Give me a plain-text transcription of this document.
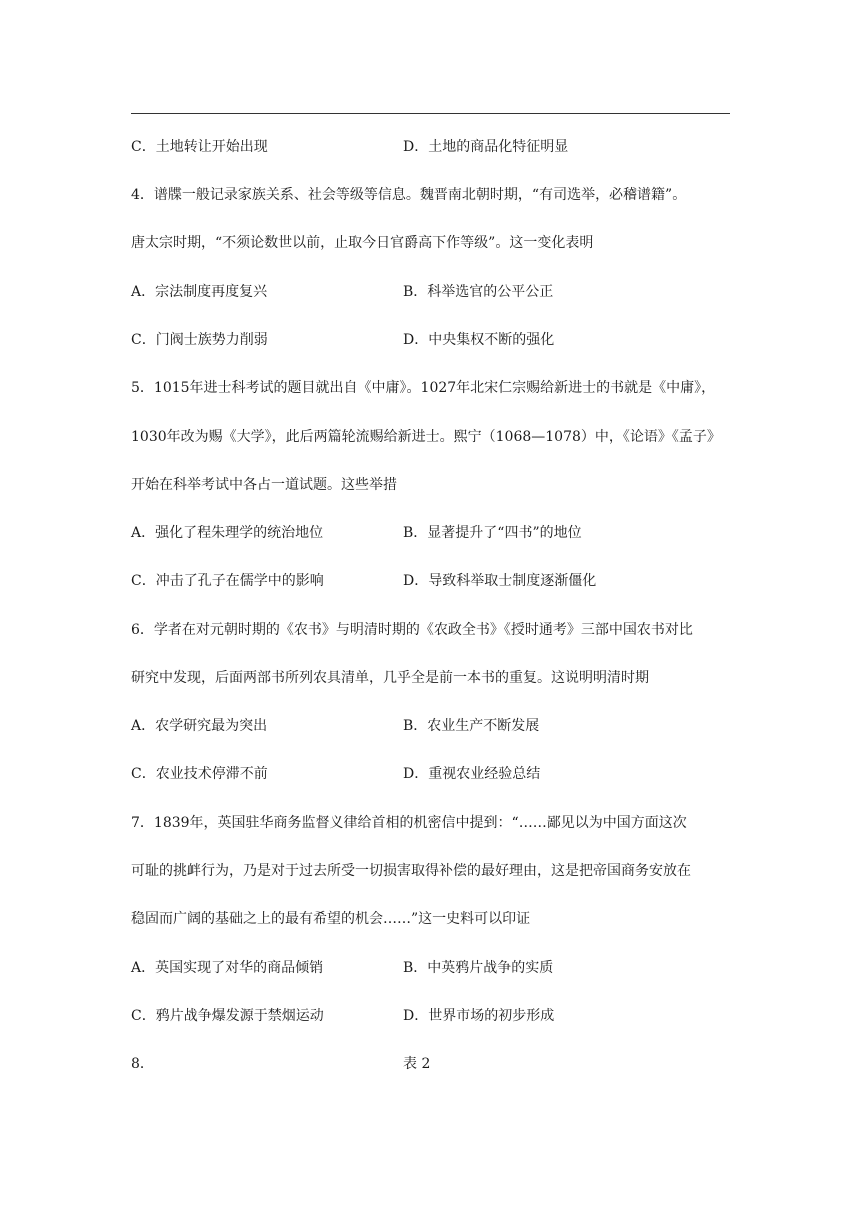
C．土地转让开始出现	D．土地的商品化特征明显
4．谱牒一般记录家族关系、社会等级等信息。魏晋南北朝时期，“有司选举，必稽谱籍”。
唐太宗时期，“不须论数世以前，止取今日官爵高下作等级”。这一变化表明
A．宗法制度再度复兴	B．科举选官的公平公正
C．门阀士族势力削弱	D．中央集权不断的强化
5．1015年进士科考试的题目就出自《中庸》。1027年北宋仁宗赐给新进士的书就是《中庸》，
1030年改为赐《大学》，此后两篇轮流赐给新进士。熙宁（1068—1078）中，《论语》《孟子》
开始在科举考试中各占一道试题。这些举措
A．强化了程朱理学的统治地位	B．显著提升了“四书”的地位
C．冲击了孔子在儒学中的影响	D．导致科举取士制度逐渐僵化
6．学者在对元朝时期的《农书》与明清时期的《农政全书》《授时通考》三部中国农书对比
研究中发现，后面两部书所列农具清单，几乎全是前一本书的重复。这说明明清时期
A．农学研究最为突出	B．农业生产不断发展
C．农业技术停滞不前	D．重视农业经验总结
7．1839年，英国驻华商务监督义律给首相的机密信中提到：“……鄙见以为中国方面这次
可耻的挑衅行为，乃是对于过去所受一切损害取得补偿的最好理由，这是把帝国商务安放在
稳固而广阔的基础之上的最有希望的机会……”这一史料可以印证
A．英国实现了对华的商品倾销	B．中英鸦片战争的实质
C．鸦片战争爆发源于禁烟运动	D．世界市场的初步形成
8．	表 2
